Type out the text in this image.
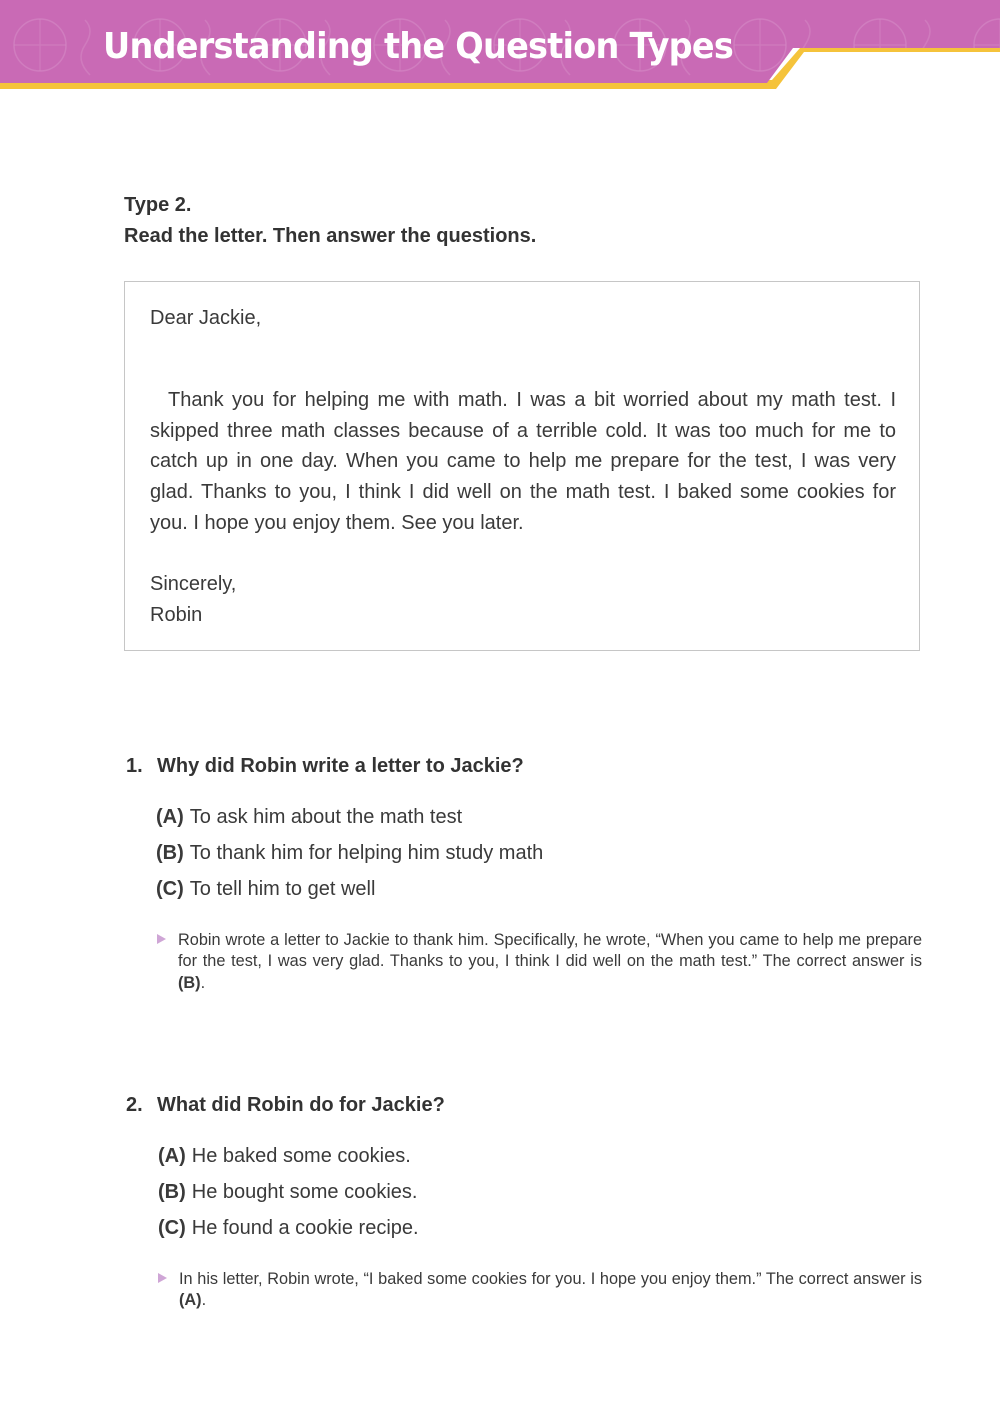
Understanding the Question Types
Type 2.
Read the letter. Then answer the questions.
Dear Jackie,

Thank you for helping me with math. I was a bit worried about my math test. I skipped three math classes because of a terrible cold. It was too much for me to catch up in one day. When you came to help me prepare for the test, I was very glad. Thanks to you, I think I did well on the math test. I baked some cookies for you. I hope you enjoy them. See you later.

Sincerely,
Robin
1. Why did Robin write a letter to Jackie?
(A) To ask him about the math test
(B) To thank him for helping him study math
(C) To tell him to get well

Robin wrote a letter to Jackie to thank him. Specifically, he wrote, “When you came to help me prepare for the test, I was very glad. Thanks to you, I think I did well on the math test.” The correct answer is (B).

2. What did Robin do for Jackie?
(A) He baked some cookies.
(B) He bought some cookies.
(C) He found a cookie recipe.

In his letter, Robin wrote, “I baked some cookies for you. I hope you enjoy them.” The correct answer is (A).
